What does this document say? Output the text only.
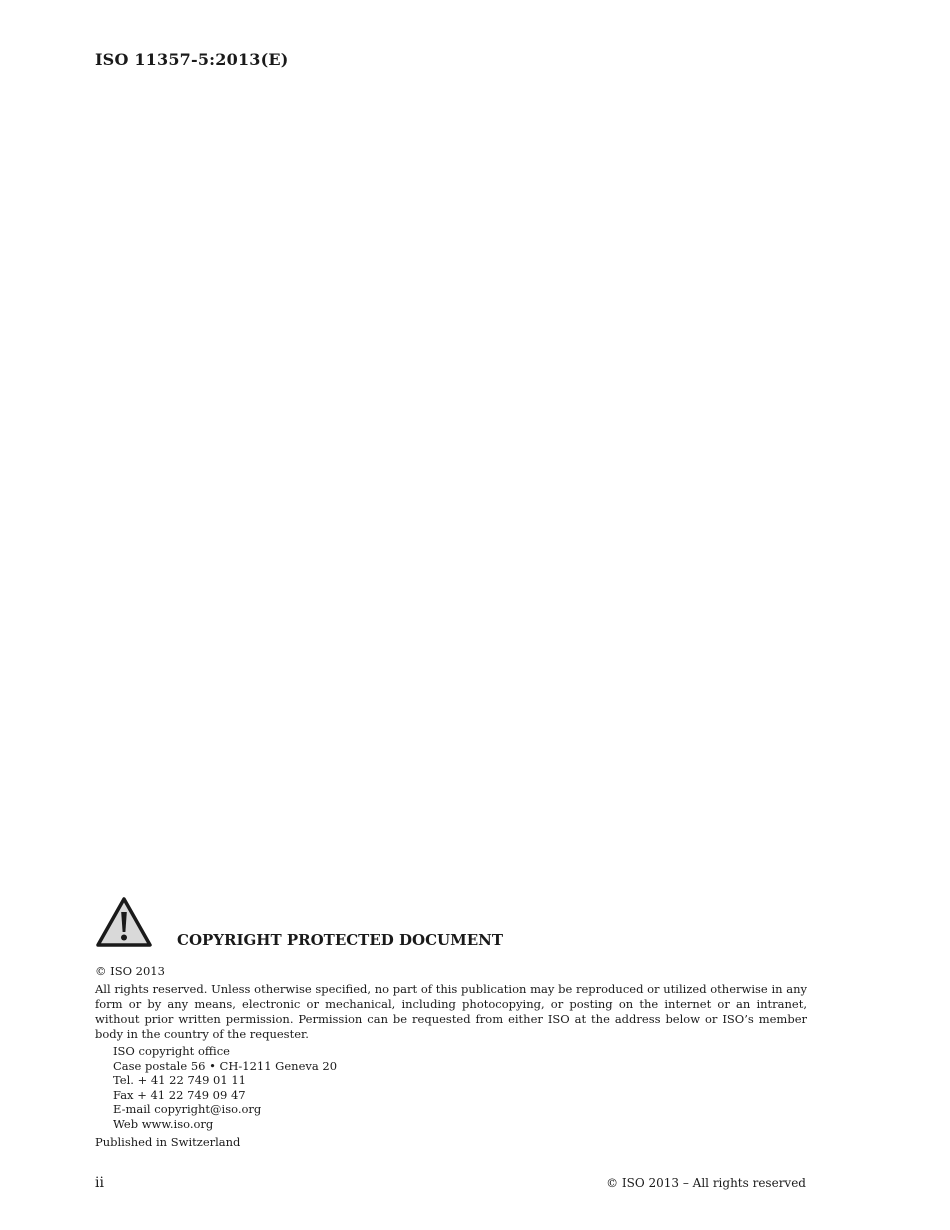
ISO 11357-5:2013(E)
COPYRIGHT PROTECTED DOCUMENT
© ISO 2013
All rights reserved. Unless otherwise specified, no part of this publication may be reproduced or utilized otherwise in any form or by any means, electronic or mechanical, including photocopying, or posting on the internet or an intranet, without prior written permission. Permission can be requested from either ISO at the address below or ISO’s member body in the country of the requester.
ISO copyright office
Case postale 56 • CH-1211 Geneva 20
Tel. + 41 22 749 01 11
Fax + 41 22 749 09 47
E-mail copyright@iso.org
Web www.iso.org
Published in Switzerland
ii	© ISO 2013 – All rights reserved
